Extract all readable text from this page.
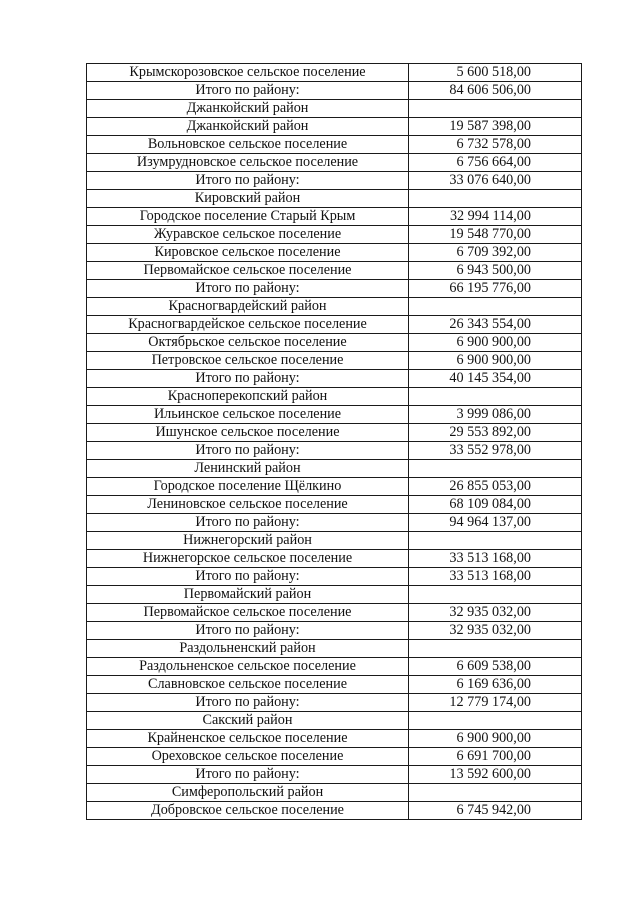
Крымскорозовское сельское поселение	5 600 518,00
Итого по району:	84 606 506,00
Джанкойский район	
Джанкойский район	19 587 398,00
Вольновское сельское поселение	6 732 578,00
Изумрудновское сельское поселение	6 756 664,00
Итого по району:	33 076 640,00
Кировский район	
Городское поселение Старый Крым	32 994 114,00
Журавское сельское поселение	19 548 770,00
Кировское сельское поселение	6 709 392,00
Первомайское сельское поселение	6 943 500,00
Итого по району:	66 195 776,00
Красногвардейский район	
Красногвардейское сельское поселение	26 343 554,00
Октябрьское сельское поселение	6 900 900,00
Петровское сельское поселение	6 900 900,00
Итого по району:	40 145 354,00
Красноперекопский район	
Ильинское сельское поселение	3 999 086,00
Ишунское сельское поселение	29 553 892,00
Итого по району:	33 552 978,00
Ленинский район	
Городское поселение Щёлкино	26 855 053,00
Лениновское сельское поселение	68 109 084,00
Итого по району:	94 964 137,00
Нижнегорский район	
Нижнегорское сельское поселение	33 513 168,00
Итого по району:	33 513 168,00
Первомайский район	
Первомайское сельское поселение	32 935 032,00
Итого по району:	32 935 032,00
Раздольненский район	
Раздольненское сельское поселение	6 609 538,00
Славновское сельское поселение	6 169 636,00
Итого по району:	12 779 174,00
Сакский район	
Крайненское сельское поселение	6 900 900,00
Ореховское сельское поселение	6 691 700,00
Итого по району:	13 592 600,00
Симферопольский район	
Добровское сельское поселение	6 745 942,00
